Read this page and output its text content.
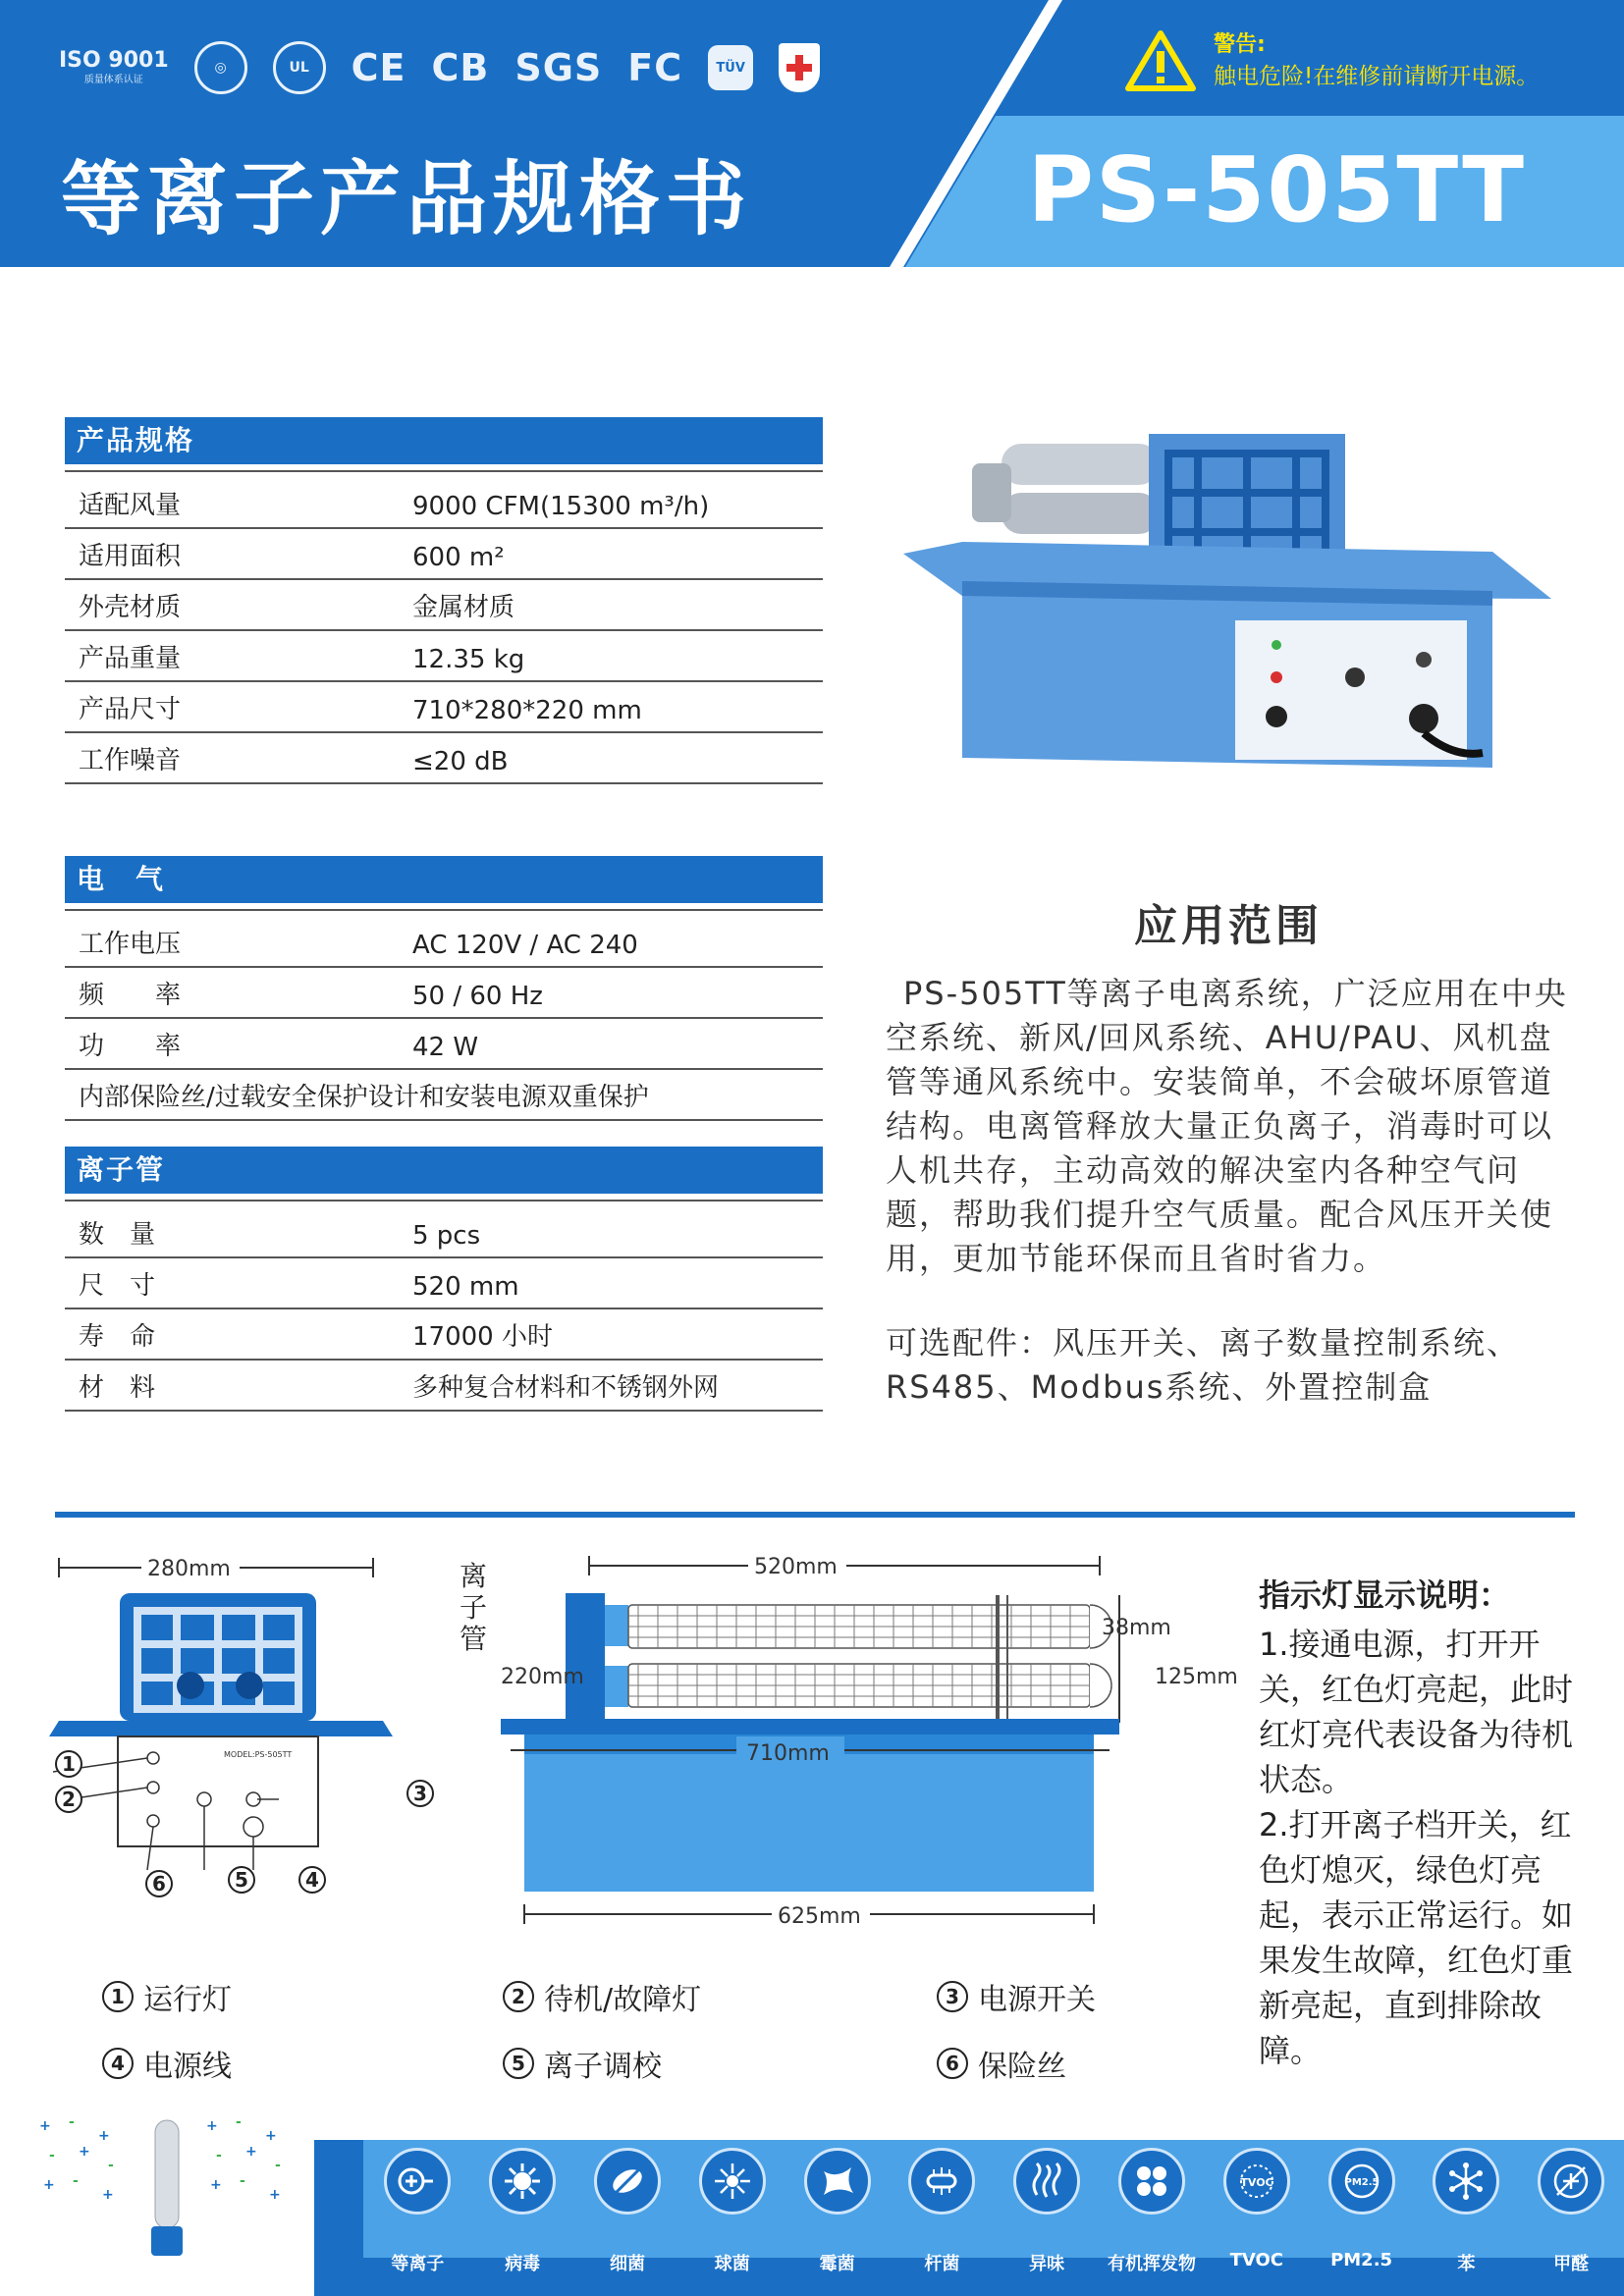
ISO 9001
质量体系认证
◎	UL	CE CB SGS FC	TÜV
等离子产品规格书	PS-505TT
警告:
触电危险!在维修前请断开电源。
产品规格
适配风量	9000 CFM(15300 m³/h)
适用面积	600 m²
外壳材质	金属材质
产品重量	12.35 kg
产品尺寸	710*280*220 mm
工作噪音	≤20 dB
电　气
工作电压	AC 120V / AC 240
频　　率	50 / 60 Hz
功　　率	42 W
内部保险丝/过载安全保护设计和安装电源双重保护
离子管
数　量	5 pcs
尺　寸	520 mm
寿　命	17000 小时
材　料	多种复合材料和不锈钢外网
应用范围
PS-505TT等离子电离系统，广泛应用在中央空系统、新风/回风系统、AHU/PAU、风机盘管等通风系统中。安装简单，不会破坏原管道结构。电离管释放大量正负离子，消毒时可以人机共存，主动高效的解决室内各种空气问题，帮助我们提升空气质量。配合风压开关使用，更加节能环保而且省时省力。
可选配件：风压开关、离子数量控制系统、RS485、Modbus系统、外置控制盒
280mm
MODEL:PS-505TT
1
2	3
4
5
6
离
子
管
520mm
220mm
38mm
125mm
710mm
625mm
1 运行灯	2 待机/故障灯	3 电源开关
4 电源线	5 离子调校	6 保险丝
指示灯显示说明：

1.接通电源，打开开关，红色灯亮起，此时红灯亮代表设备为待机状态。

2.打开离子档开关，红色灯熄灭，绿色灯亮起，表示正常运行。如果发生故障，红色灯重新亮起，直到排除故障。

+ -
+
- +
-
+ -
+
+ -
+
- +
-
+ -
+
等离子	病毒	细菌	球菌	霉菌	杆菌	异味 有机挥发物
TVOC
TVOC
PM2.5
PM2.5	苯	甲醛
